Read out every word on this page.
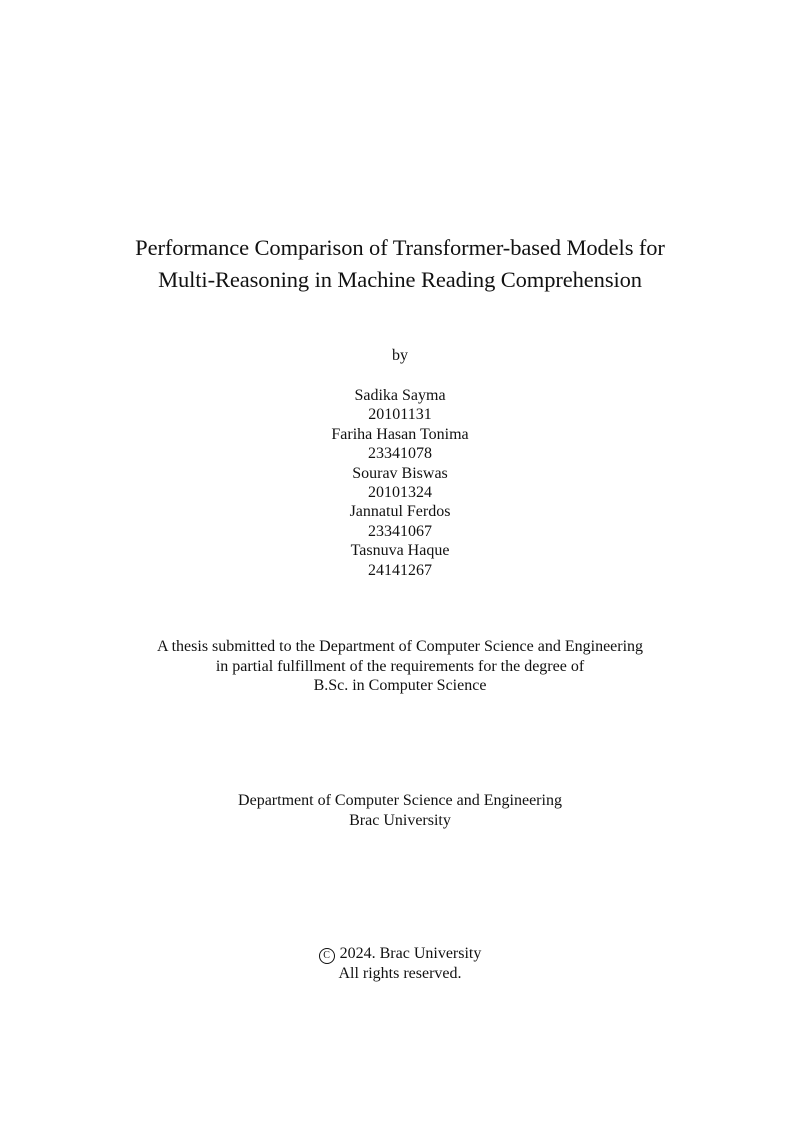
Performance Comparison of Transformer-based Models for
Multi-Reasoning in Machine Reading Comprehension
by
Sadika Sayma
20101131
Fariha Hasan Tonima
23341078
Sourav Biswas
20101324
Jannatul Ferdos
23341067
Tasnuva Haque
24141267
A thesis submitted to the Department of Computer Science and Engineering
in partial fulfillment of the requirements for the degree of
B.Sc. in Computer Science
Department of Computer Science and Engineering
Brac University
C 2024. Brac University
All rights reserved.
